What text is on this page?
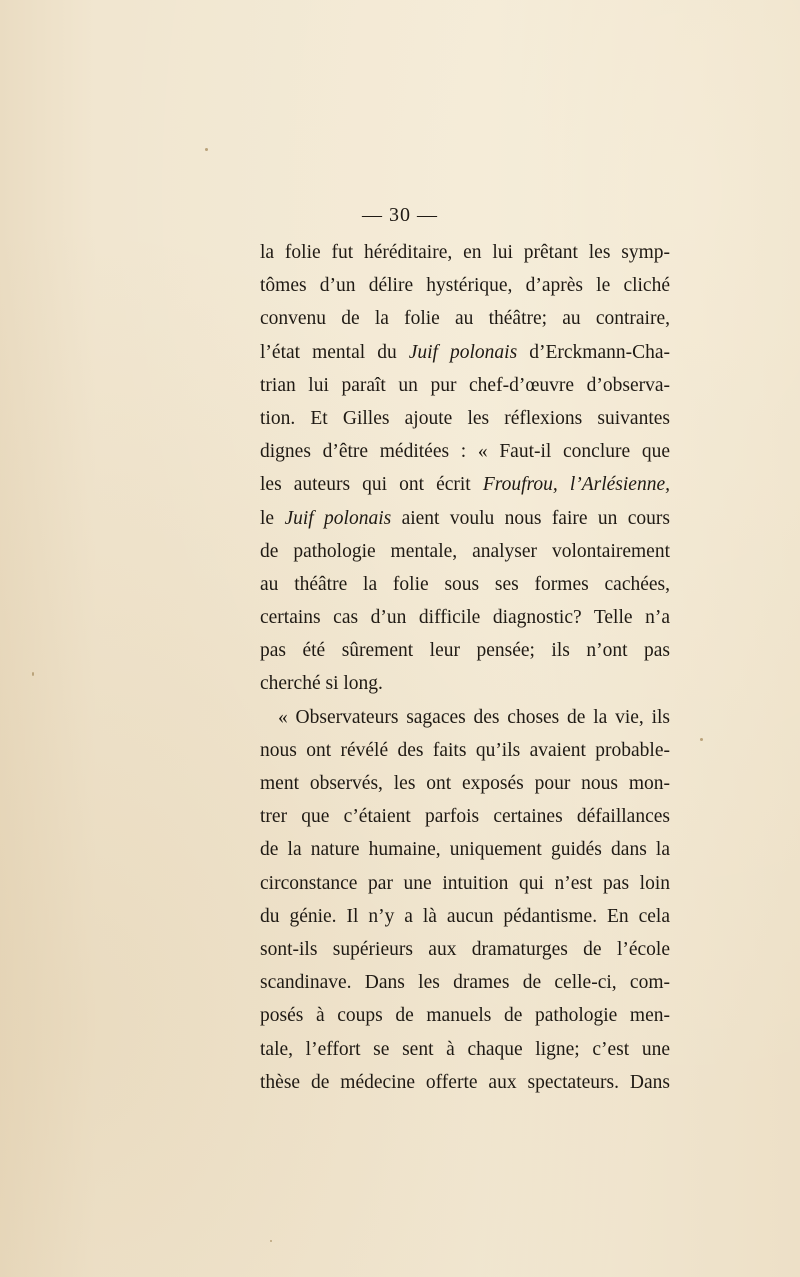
— 30 —
la folie fut héréditaire, en lui prêtant les symp-
tômes d’un délire hystérique, d’après le cliché
convenu de la folie au théâtre; au contraire,
l’état mental du Juif polonais d’Erckmann-Cha-
trian lui paraît un pur chef-d’œuvre d’observa-
tion. Et Gilles ajoute les réflexions suivantes
dignes d’être méditées : « Faut-il conclure que
les auteurs qui ont écrit Froufrou, l’Arlésienne,
le Juif polonais aient voulu nous faire un cours
de pathologie mentale, analyser volontairement
au théâtre la folie sous ses formes cachées,
certains cas d’un difficile diagnostic? Telle n’a
pas été sûrement leur pensée; ils n’ont pas
cherché si long.
« Observateurs sagaces des choses de la vie, ils
nous ont révélé des faits qu’ils avaient probable-
ment observés, les ont exposés pour nous mon-
trer que c’étaient parfois certaines défaillances
de la nature humaine, uniquement guidés dans la
circonstance par une intuition qui n’est pas loin
du génie. Il n’y a là aucun pédantisme. En cela
sont-ils supérieurs aux dramaturges de l’école
scandinave. Dans les drames de celle-ci, com-
posés à coups de manuels de pathologie men-
tale, l’effort se sent à chaque ligne; c’est une
thèse de médecine offerte aux spectateurs. Dans
